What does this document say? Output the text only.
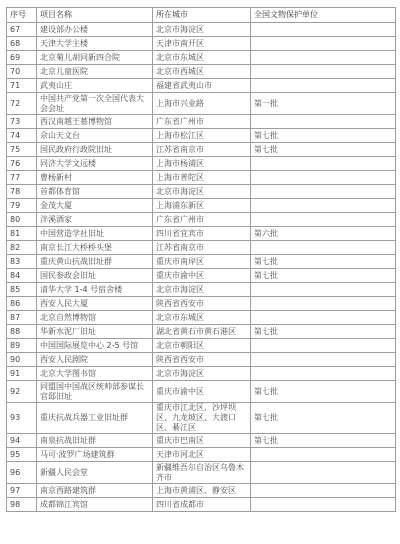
序号	项目名称	所在城市	全国文物保护单位
67	建设部办公楼	北京市海淀区	
68	天津大学主楼	天津市南开区	
69	北京菊儿胡同新四合院	北京市东城区	
70	北京儿童医院	北京市西城区	
71	武夷山庄	福建省武夷山市	
72	中国共产党第一次全国代表大会会址	上海市兴业路	第一批
73	西汉南越王墓博物馆	广东省广州市	
74	佘山天文台	上海市松江区	第七批
75	国民政府行政院旧址	江苏省南京市	第七批
76	同济大学文远楼	上海市杨浦区	
77	曹杨新村	上海市普陀区	
78	首都体育馆	北京市海淀区	
79	金茂大厦	上海浦东新区	
80	泮溪酒家	广东省广州市	
81	中国营造学社旧址	四川省宜宾市	第六批
82	南京长江大桥桥头堡	江苏省南京市	
83	重庆黄山抗战旧址群	重庆市南岸区	第七批
84	国民参政会旧址	重庆市渝中区	第七批
85	清华大学 1-4 号宿舍楼	北京市海淀区	
86	西安人民大厦	陕西省西安市	
87	北京自然博物馆	北京市东城区	
88	华新水泥厂旧址	湖北省黄石市黄石港区	第七批
89	中国国际展览中心 2-5 号馆	北京市朝阳区	
90	西安人民剧院	陕西省西安市	
91	北京大学图书馆	北京市海淀区	
92	同盟国中国战区统帅部参谋长官邸旧址	重庆市渝中区	第七批
93	重庆抗战兵器工业旧址群	重庆市江北区、沙坪坝区、九龙坡区、大渡口区、綦江区	第七批
94	南泉抗战旧址群	重庆市巴南区	第七批
95	马可·波罗广场建筑群	天津市河北区	
96	新疆人民会堂	新疆维吾尔自治区乌鲁木齐市	
97	南京西路建筑群	上海市黄浦区、静安区	
98	成都锦江宾馆	四川省成都市	
